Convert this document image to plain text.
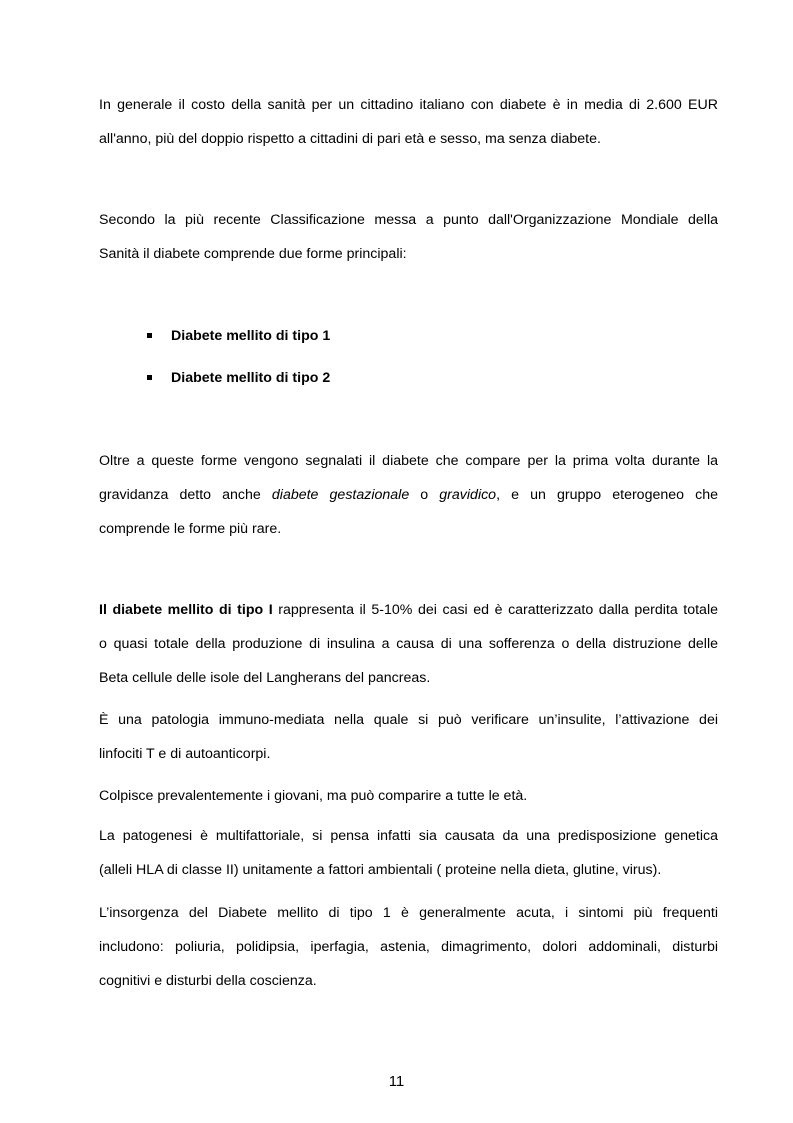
In generale il costo della sanità per un cittadino italiano con diabete è in media di 2.600 EUR
all'anno, più del doppio rispetto a cittadini di pari età e sesso, ma senza diabete.

Secondo la più recente Classificazione messa a punto dall'Organizzazione Mondiale della
Sanità il diabete comprende due forme principali:

Diabete mellito di tipo 1
Diabete mellito di tipo 2

Oltre a queste forme vengono segnalati il diabete che compare per la prima volta durante la
gravidanza detto anche diabete gestazionale o gravidico, e un gruppo eterogeneo che
comprende le forme più rare.

Il diabete mellito di tipo I rappresenta il 5-10% dei casi ed è caratterizzato dalla perdita totale
o quasi totale della produzione di insulina a causa di una sofferenza o della distruzione delle
Beta cellule delle isole del Langherans del pancreas.

È una patologia immuno-mediata nella quale si può verificare un’insulite, l’attivazione dei
linfociti T e di autoanticorpi.

Colpisce prevalentemente i giovani, ma può comparire a tutte le età.

La patogenesi è multifattoriale, si pensa infatti sia causata da una predisposizione genetica
(alleli HLA di classe II) unitamente a fattori ambientali ( proteine nella dieta, glutine, virus).

L’insorgenza del Diabete mellito di tipo 1 è generalmente acuta, i sintomi più frequenti
includono: poliuria, polidipsia, iperfagia, astenia, dimagrimento, dolori addominali, disturbi
cognitivi e disturbi della coscienza.

11
